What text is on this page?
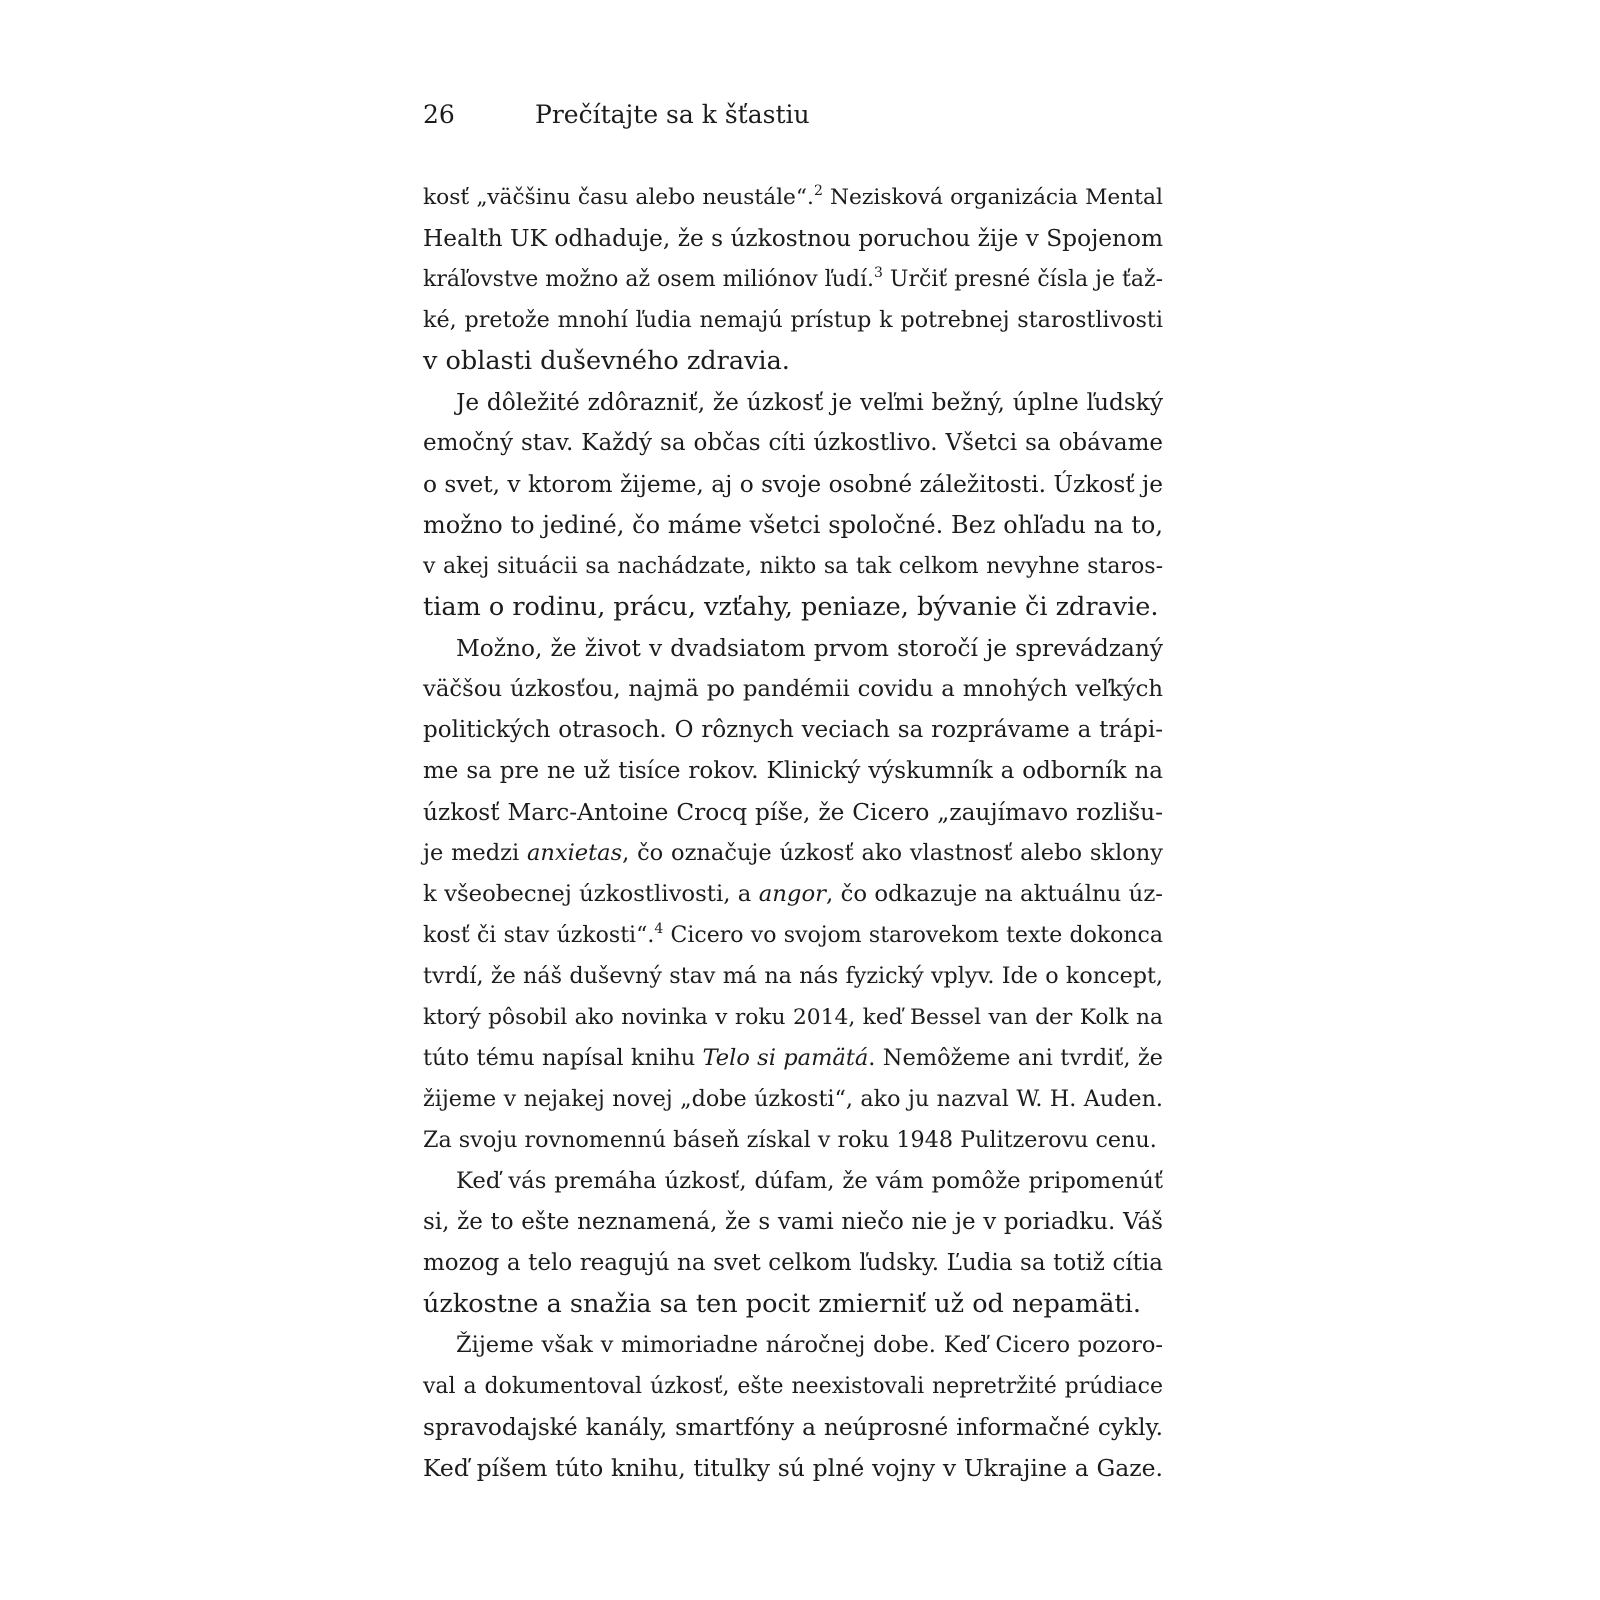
26	Prečítajte sa k šťastiu
kosť „väčšinu času alebo neustále“.$^2$ Nezisková organizácia Mental
Health UK odhaduje, že s úzkostnou poruchou žije v Spojenom
kráľovstve možno až osem miliónov ľudí.$^3$ Určiť presné čísla je ťaž-
ké, pretože mnohí ľudia nemajú prístup k potrebnej starostlivosti
v oblasti duševného zdravia.
Je dôležité zdôrazniť, že úzkosť je veľmi bežný, úplne ľudský
emočný stav. Každý sa občas cíti úzkostlivo. Všetci sa obávame
o svet, v ktorom žijeme, aj o svoje osobné záležitosti. Úzkosť je
možno to jediné, čo máme všetci spoločné. Bez ohľadu na to,
v akej situácii sa nachádzate, nikto sa tak celkom nevyhne staros-
tiam o rodinu, prácu, vzťahy, peniaze, bývanie či zdravie.
Možno, že život v dvadsiatom prvom storočí je sprevádzaný
väčšou úzkosťou, najmä po pandémii covidu a mnohých veľkých
politických otrasoch. O rôznych veciach sa rozprávame a trápi-
me sa pre ne už tisíce rokov. Klinický výskumník a odborník na
úzkosť Marc-Antoine Crocq píše, že Cicero „zaujímavo rozlišu-
je medzi anxietas, čo označuje úzkosť ako vlastnosť alebo sklony
k všeobecnej úzkostlivosti, a angor, čo odkazuje na aktuálnu úz-
kosť či stav úzkosti“.$^4$ Cicero vo svojom starovekom texte dokonca
tvrdí, že náš duševný stav má na nás fyzický vplyv. Ide o koncept,
ktorý pôsobil ako novinka v roku 2014, keď Bessel van der Kolk na
túto tému napísal knihu Telo si pamätá. Nemôžeme ani tvrdiť, že
žijeme v nejakej novej „dobe úzkosti“, ako ju nazval W. H. Auden.
Za svoju rovnomennú báseň získal v roku 1948 Pulitzerovu cenu.
Keď vás premáha úzkosť, dúfam, že vám pomôže pripomenúť
si, že to ešte neznamená, že s vami niečo nie je v poriadku. Váš
mozog a telo reagujú na svet celkom ľudsky. Ľudia sa totiž cítia
úzkostne a snažia sa ten pocit zmierniť už od nepamäti.
Žijeme však v mimoriadne náročnej dobe. Keď Cicero pozoro-
val a dokumentoval úzkosť, ešte neexistovali nepretržité prúdiace
spravodajské kanály, smartfóny a neúprosné informačné cykly.
Keď píšem túto knihu, titulky sú plné vojny v Ukrajine a Gaze.
